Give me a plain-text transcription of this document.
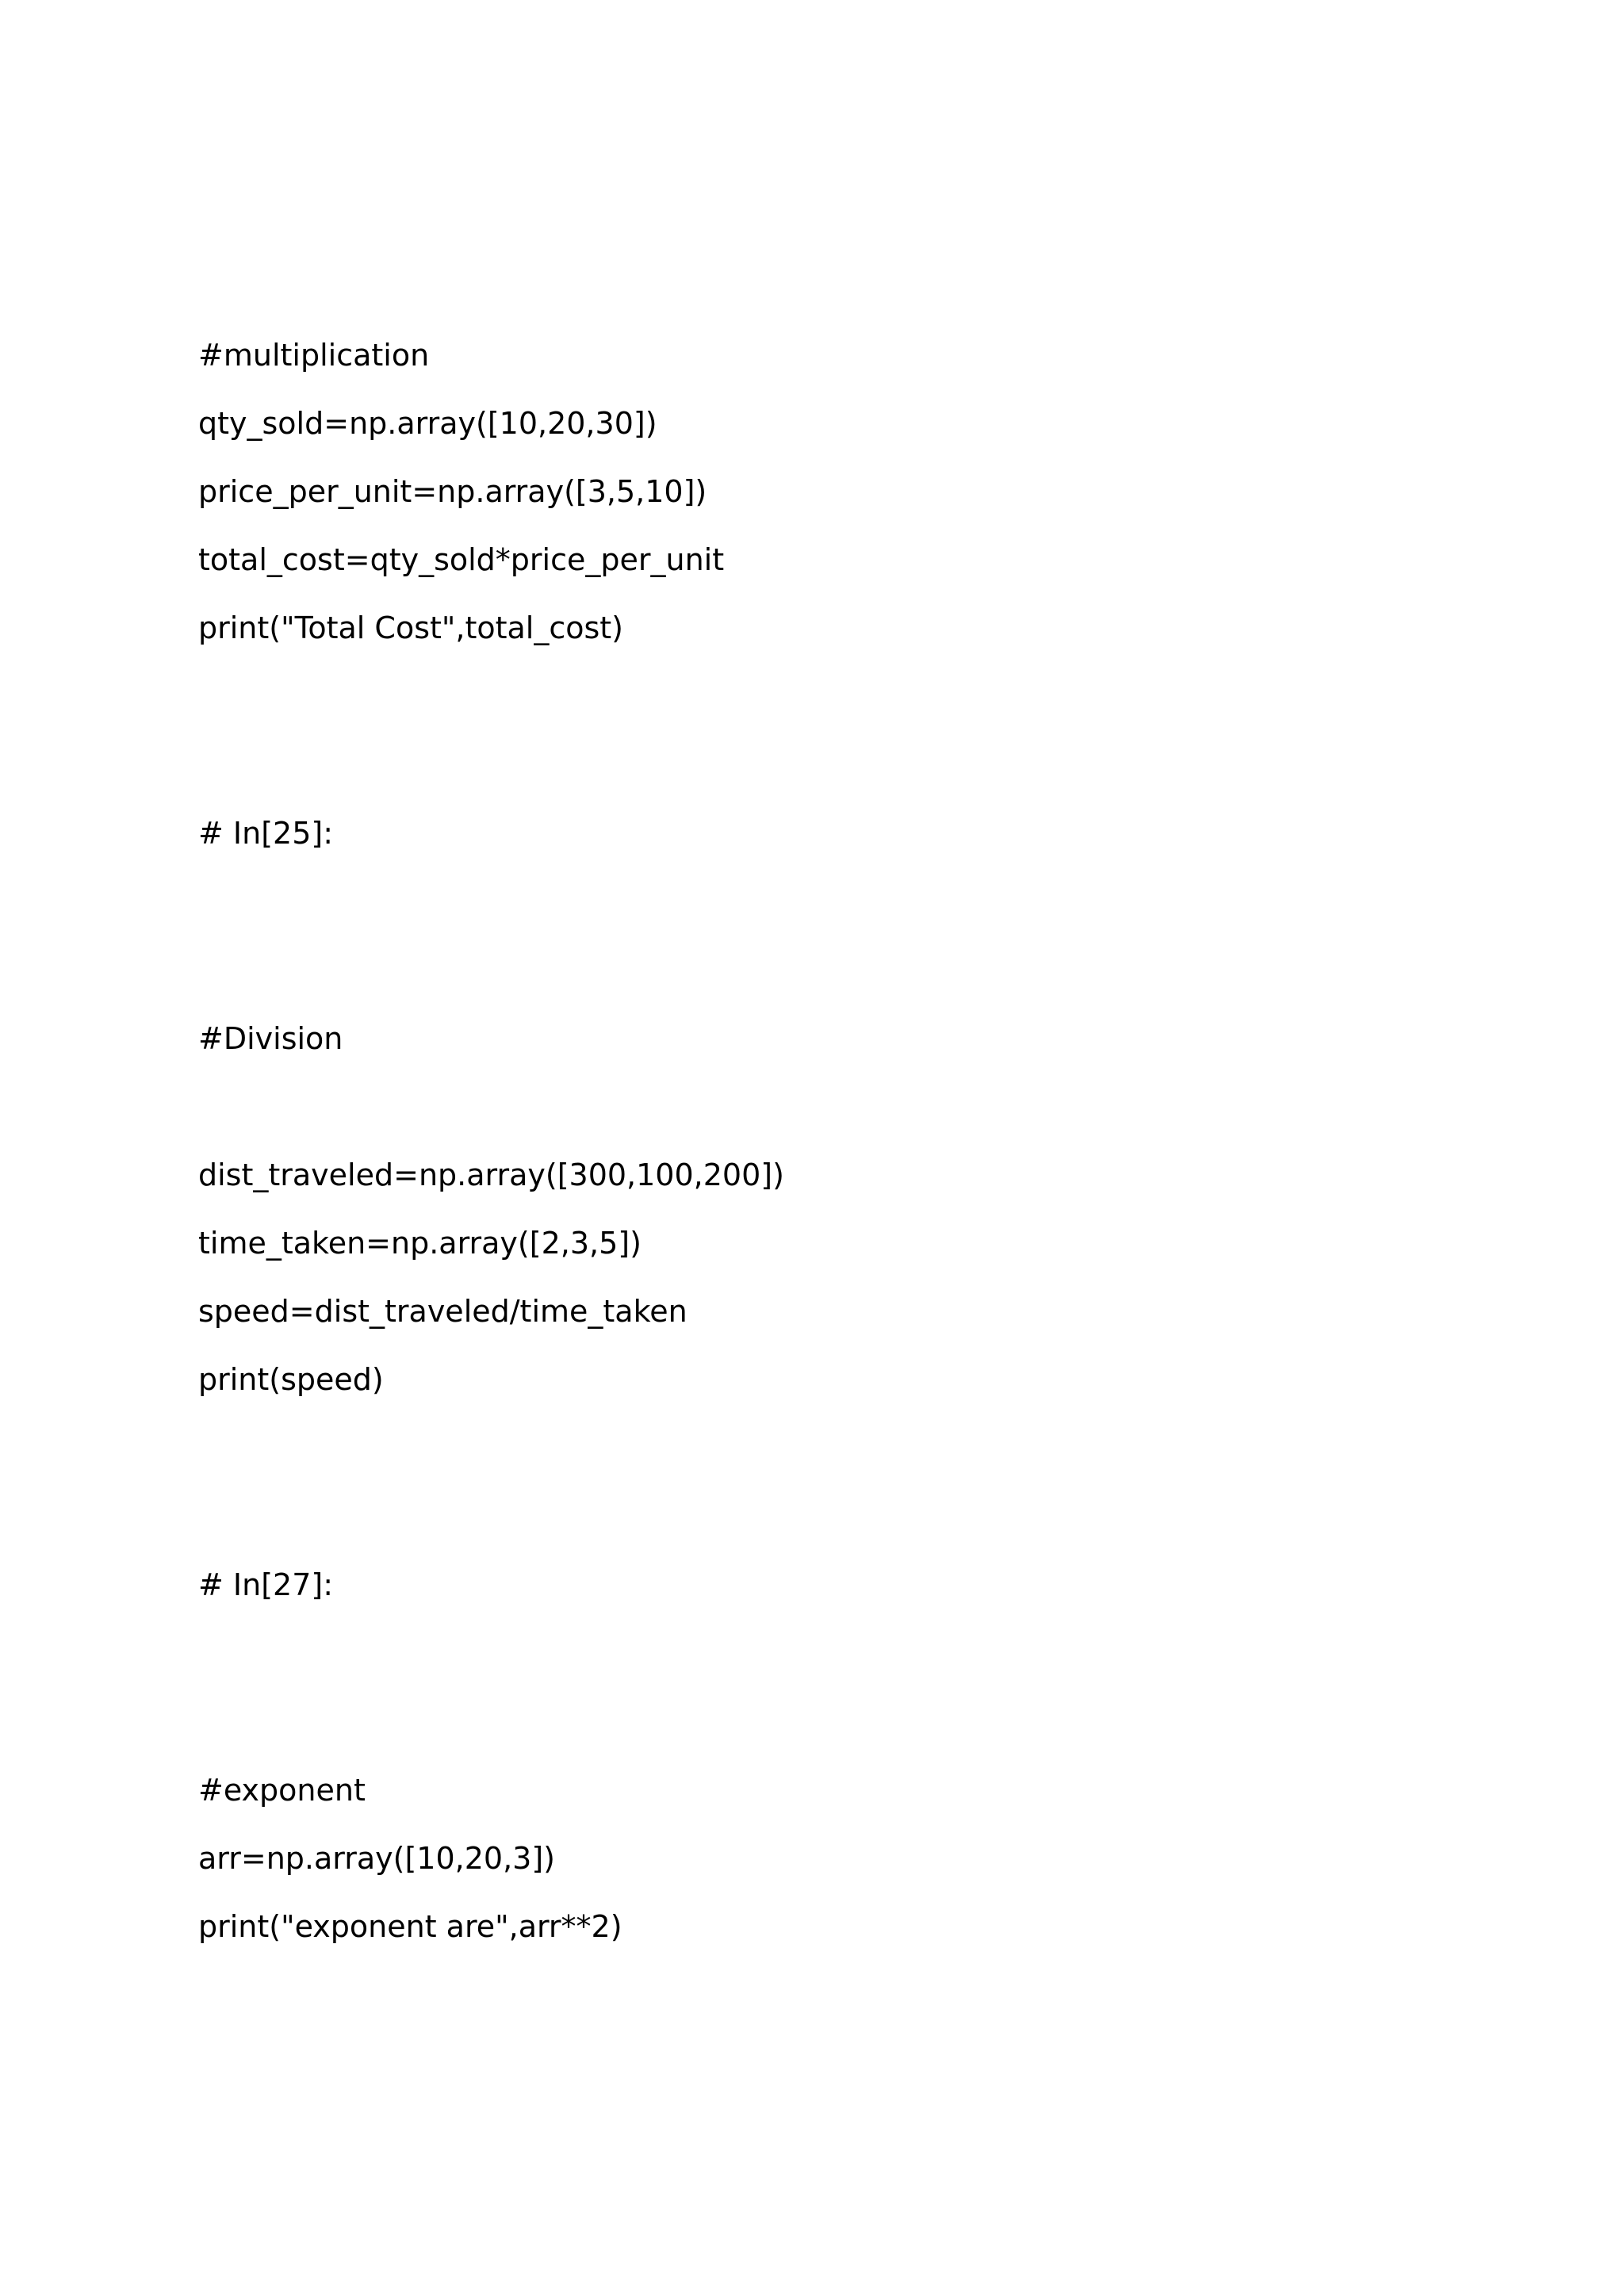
#multiplication

qty_sold=np.array([10,20,30])

price_per_unit=np.array([3,5,10])

total_cost=qty_sold*price_per_unit

print("Total Cost",total_cost)

# In[25]:

#Division

dist_traveled=np.array([300,100,200])

time_taken=np.array([2,3,5])

speed=dist_traveled/time_taken

print(speed)

# In[27]:

#exponent

arr=np.array([10,20,3])

print("exponent are",arr**2)
